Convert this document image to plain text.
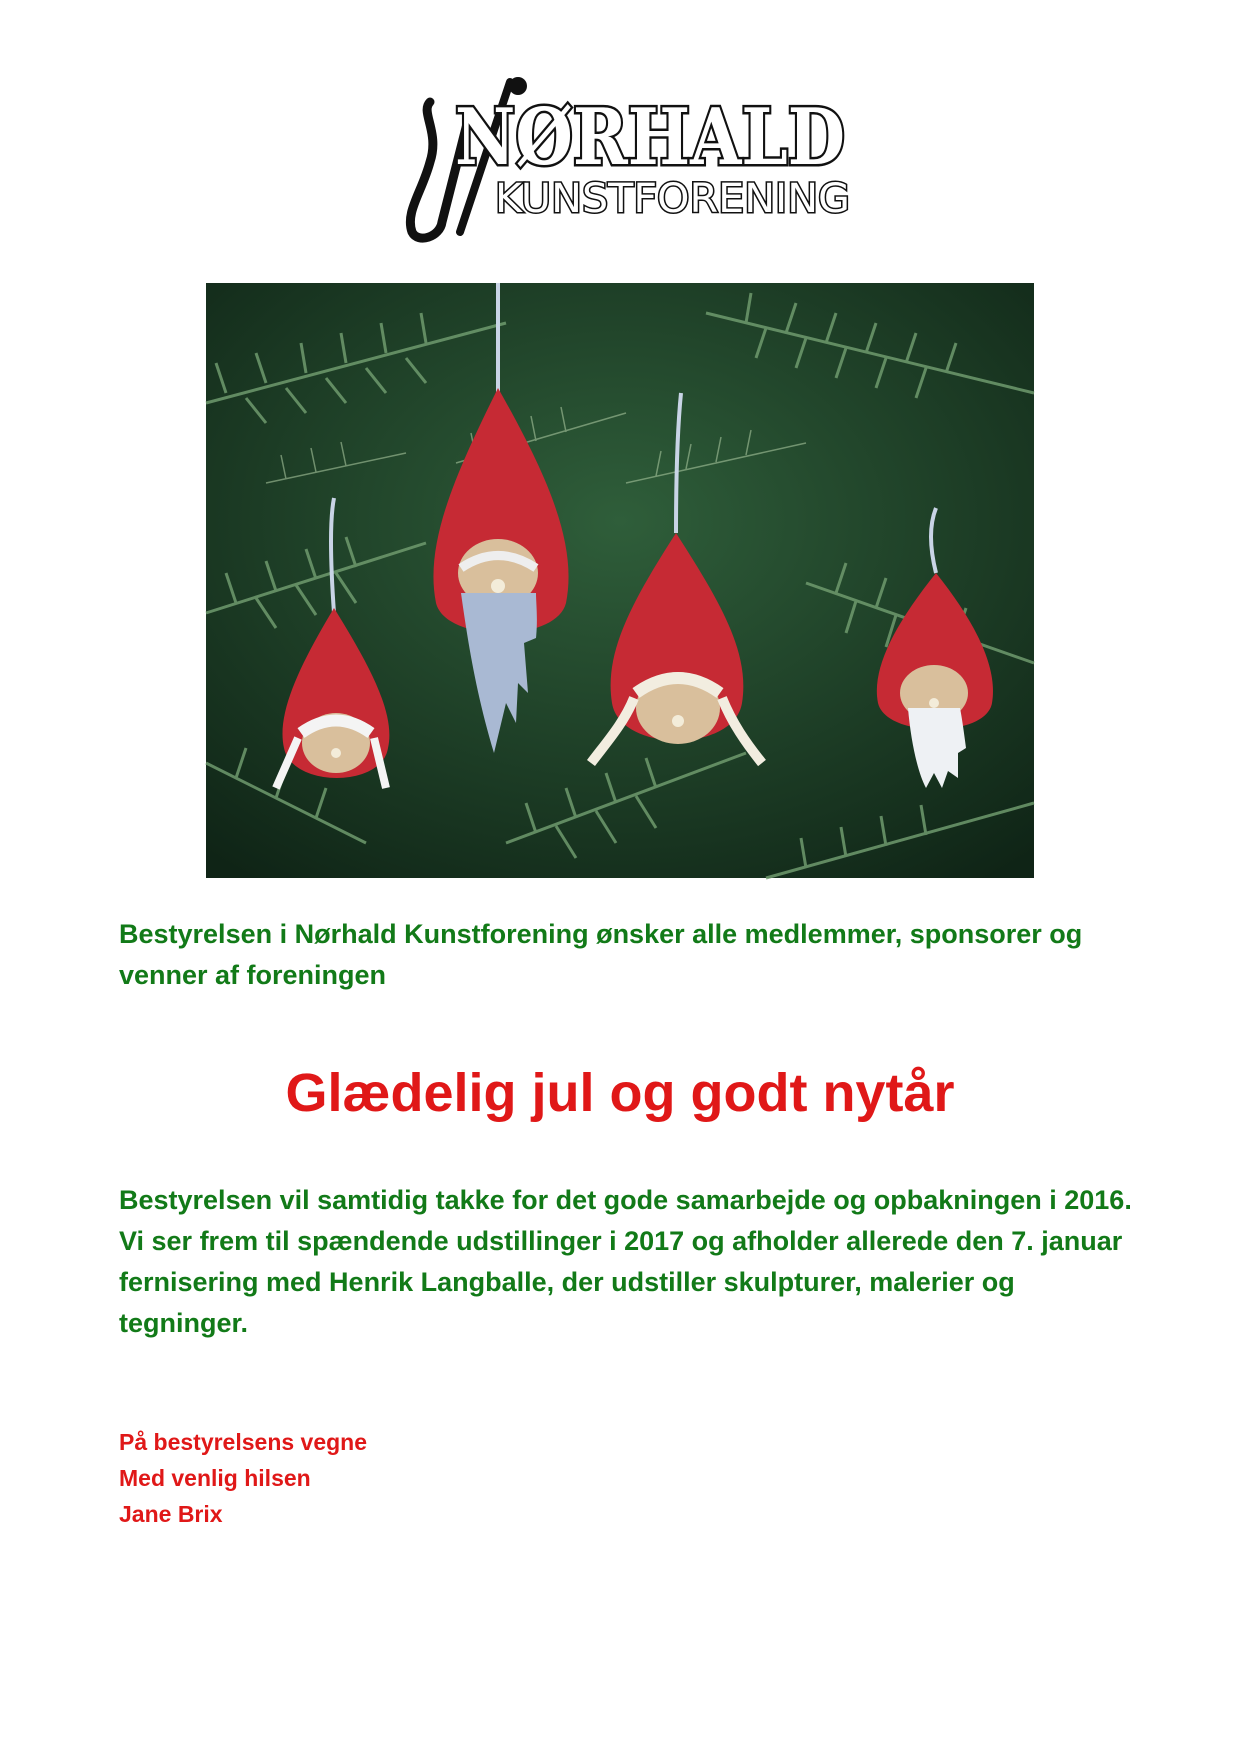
NØRHALD
KUNSTFORENING

Bestyrelsen i Nørhald Kunstforening ønsker alle medlemmer, sponsorer og venner af foreningen

Glædelig jul og godt nytår

Bestyrelsen vil samtidig takke for det gode samarbejde og opbakningen i 2016. Vi ser frem til spændende udstillinger i 2017 og afholder allerede den 7. januar fernisering med Henrik Langballe, der udstiller skulpturer, malerier og tegninger.

På bestyrelsens vegne
Med venlig hilsen
Jane Brix
